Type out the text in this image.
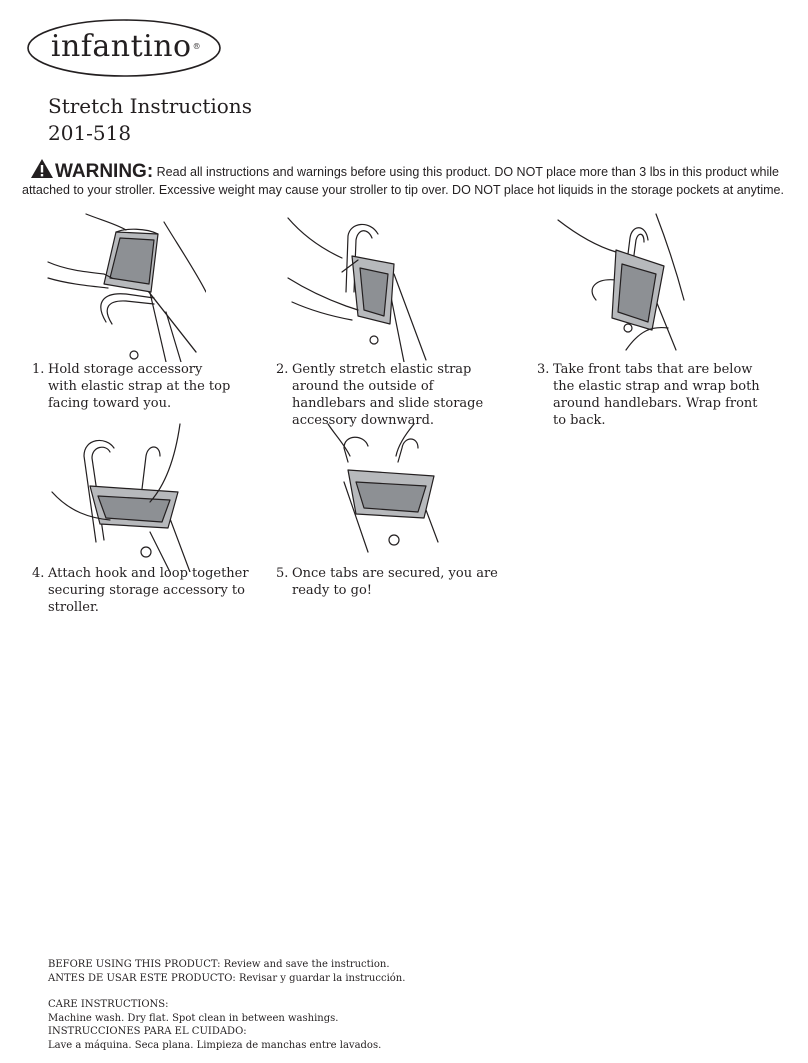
infantino ®
Stretch Instructions
201-518
WARNING: Read all instructions and warnings before using this product. DO NOT place more than 3 lbs in this product while
attached to your stroller. Excessive weight may cause your stroller to tip over. DO NOT place hot liquids in the storage pockets at anytime.
1. Hold storage accessory with elastic strap at the top facing toward you.
2. Gently stretch elastic strap around the outside of handlebars and slide storage accessory downward.
3. Take front tabs that are below the elastic strap and wrap both around handlebars. Wrap front to back.
4. Attach hook and loop together securing storage accessory to stroller.
5. Once tabs are secured, you are ready to go!

BEFORE USING THIS PRODUCT: Review and save the instruction.

ANTES DE USAR ESTE PRODUCTO: Revisar y guardar la instrucción.

CARE INSTRUCTIONS:

Machine wash. Dry flat. Spot clean in between washings.

INSTRUCCIONES PARA EL CUIDADO:

Lave a máquina. Seca plana. Limpieza de manchas entre lavados.
